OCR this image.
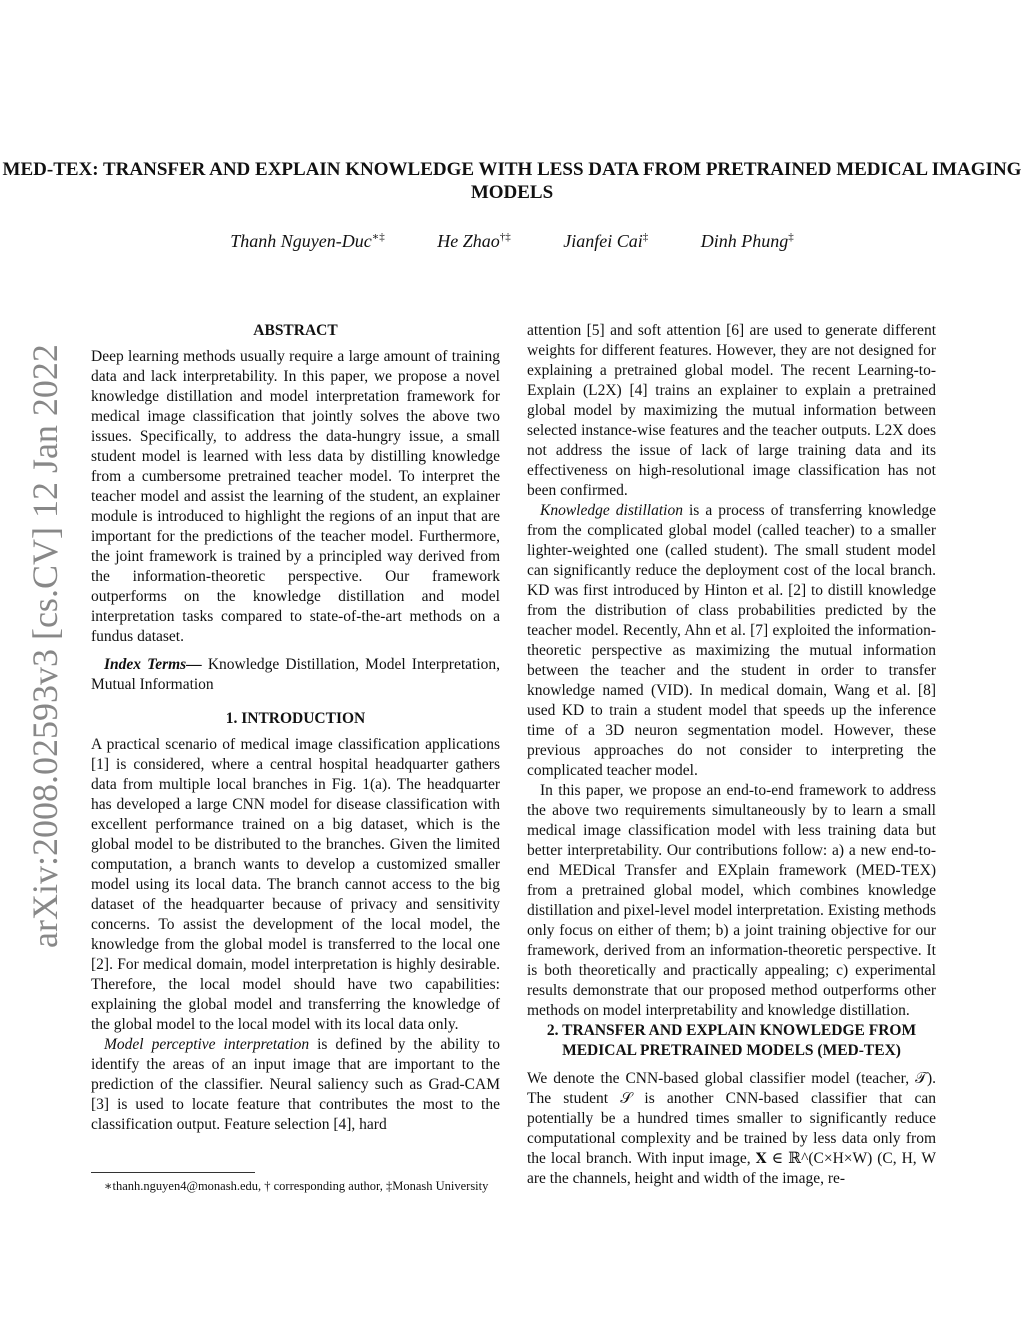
arXiv:2008.02593v3 [cs.CV] 12 Jan 2022
MED-TEX: TRANSFER AND EXPLAIN KNOWLEDGE WITH LESS DATA FROM PRETRAINED MEDICAL IMAGING MODELS
Thanh Nguyen-Duc∗‡	He Zhao†‡	Jianfei Cai‡	Dinh Phung‡
ABSTRACT

Deep learning methods usually require a large amount of training data and lack interpretability. In this paper, we propose a novel knowledge distillation and model interpretation framework for medical image classification that jointly solves the above two issues. Specifically, to address the data-hungry issue, a small student model is learned with less data by distilling knowledge from a cumbersome pretrained teacher model. To interpret the teacher model and assist the learning of the student, an explainer module is introduced to highlight the regions of an input that are important for the predictions of the teacher model. Furthermore, the joint framework is trained by a principled way derived from the information-theoretic perspective. Our framework outperforms on the knowledge distillation and model interpretation tasks compared to state-of-the-art methods on a fundus dataset.

Index Terms— Knowledge Distillation, Model Interpretation, Mutual Information

1. INTRODUCTION

A practical scenario of medical image classification applications [1] is considered, where a central hospital headquarter gathers data from multiple local branches in Fig. 1(a). The headquarter has developed a large CNN model for disease classification with excellent performance trained on a big dataset, which is the global model to be distributed to the branches. Given the limited computation, a branch wants to develop a customized smaller model using its local data. The branch cannot access to the big dataset of the headquarter because of privacy and sensitivity concerns. To assist the development of the local model, the knowledge from the global model is transferred to the local one [2]. For medical domain, model interpretation is highly desirable. Therefore, the local model should have two capabilities: explaining the global model and transferring the knowledge of the global model to the local model with its local data only.

Model perceptive interpretation is defined by the ability to identify the areas of an input image that are important to the prediction of the classifier. Neural saliency such as Grad-CAM [3] is used to locate feature that contributes the most to the classification output. Feature selection [4], hard

attention [5] and soft attention [6] are used to generate different weights for different features. However, they are not designed for explaining a pretrained global model. The recent Learning-to-Explain (L2X) [4] trains an explainer to explain a pretrained global model by maximizing the mutual information between selected instance-wise features and the teacher outputs. L2X does not address the issue of lack of large training data and its effectiveness on high-resolutional image classification has not been confirmed.

Knowledge distillation is a process of transferring knowledge from the complicated global model (called teacher) to a smaller lighter-weighted one (called student). The small student model can significantly reduce the deployment cost of the local branch. KD was first introduced by Hinton et al. [2] to distill knowledge from the distribution of class probabilities predicted by the teacher model. Recently, Ahn et al. [7] exploited the information-theoretic perspective as maximizing the mutual information between the teacher and the student in order to transfer knowledge named (VID). In medical domain, Wang et al. [8] used KD to train a student model that speeds up the inference time of a 3D neuron segmentation model. However, these previous approaches do not consider to interpreting the complicated teacher model.

In this paper, we propose an end-to-end framework to address the above two requirements simultaneously by to learn a small medical image classification model with less training data but better interpretability. Our contributions follow: a) a new end-to-end MEDical Transfer and EXplain framework (MED-TEX) from a pretrained global model, which combines knowledge distillation and pixel-level model interpretation. Existing methods only focus on either of them; b) a joint training objective for our framework, derived from an information-theoretic perspective. It is both theoretically and practically appealing; c) experimental results demonstrate that our proposed method outperforms other methods on model interpretability and knowledge distillation.

2. TRANSFER AND EXPLAIN KNOWLEDGE FROM MEDICAL PRETRAINED MODELS (MED-TEX)

We denote the CNN-based global classifier model (teacher, 𝒯). The student 𝒮 is another CNN-based classifier that can potentially be a hundred times smaller to significantly reduce computational complexity and be trained by less data only from the local branch. With input image, 𝐗 ∈ ℝ^(C×H×W) (C, H, W are the channels, height and width of the image, re-

∗thanh.nguyen4@monash.edu, † corresponding author, ‡Monash University
